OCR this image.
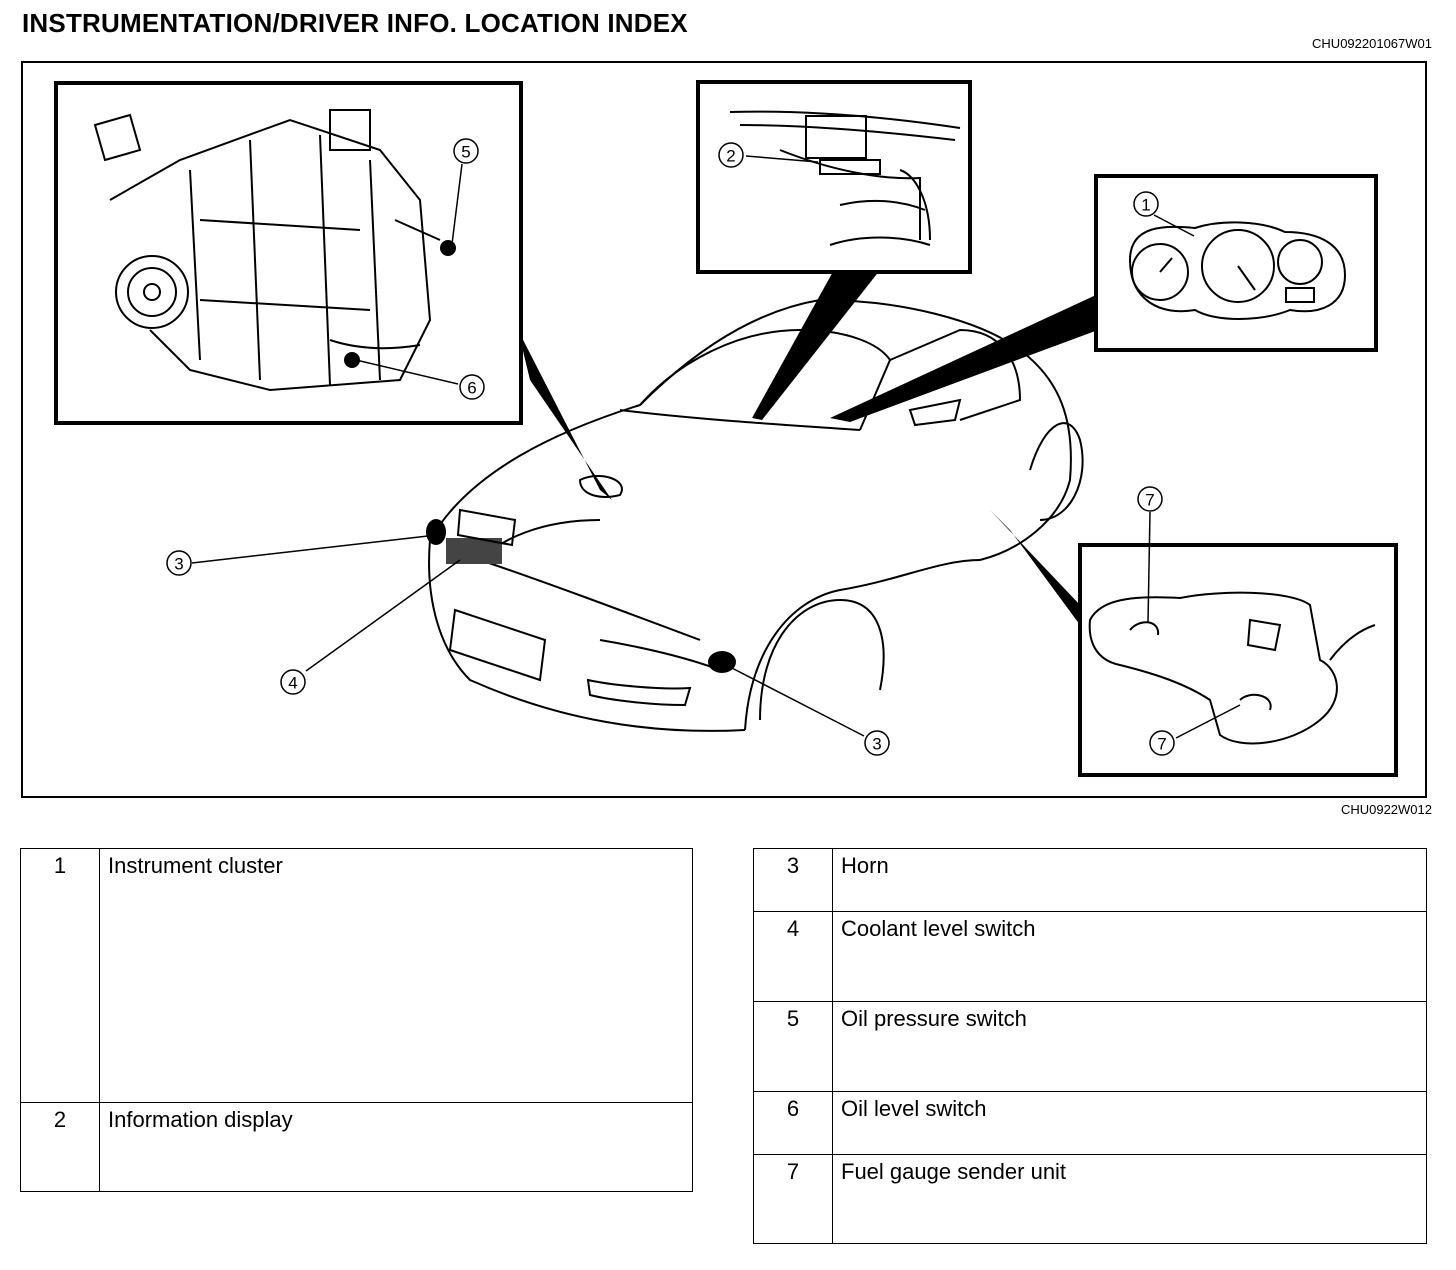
INSTRUMENTATION/DRIVER INFO. LOCATION INDEX
CHU092201067W01
1
2
3
3
4
5
6
7
7
CHU0922W012
1	Instrument cluster
2	Information display
3	Horn
4	Coolant level switch
5	Oil pressure switch
6	Oil level switch
7	Fuel gauge sender unit
